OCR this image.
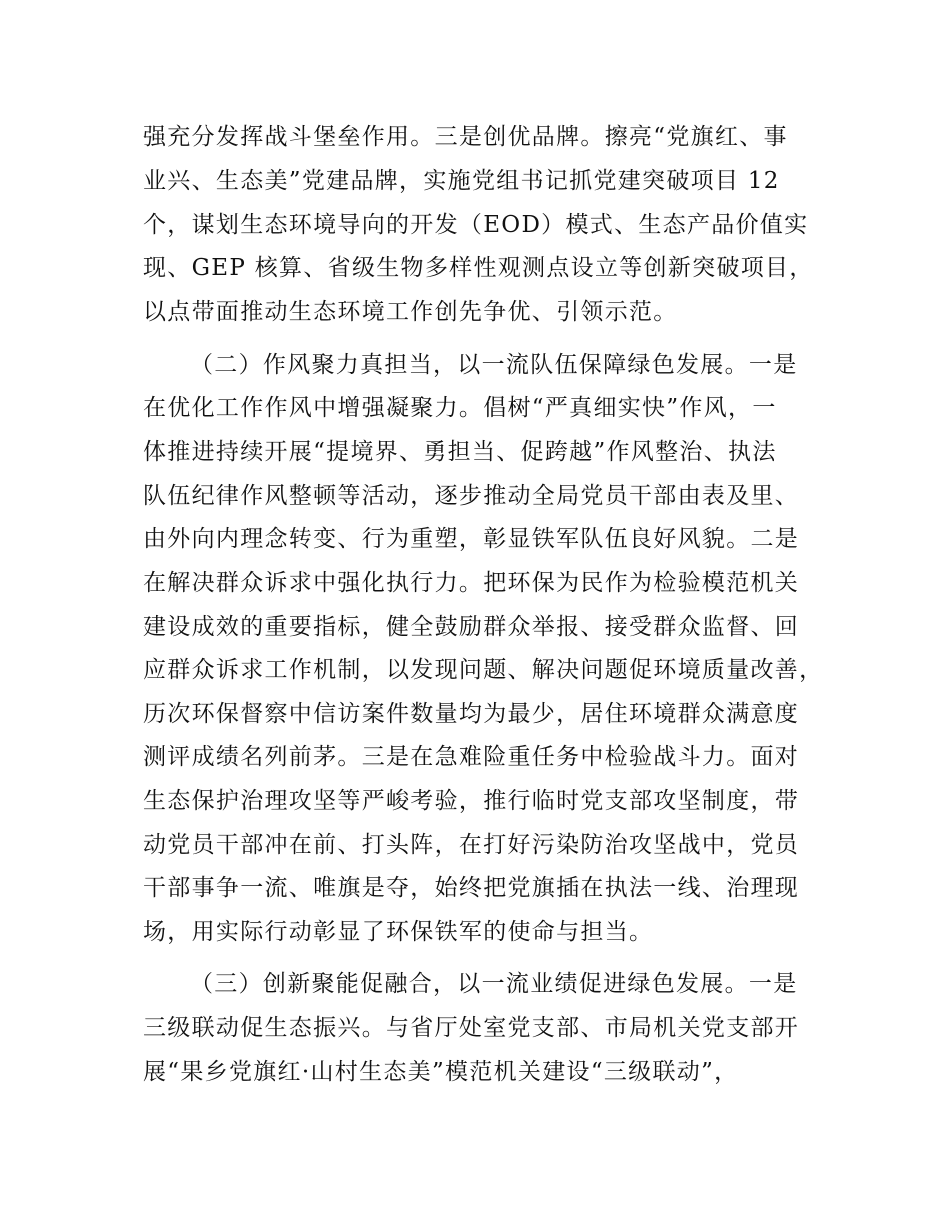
强充分发挥战斗堡垒作用。三是创优品牌。擦亮“党旗红、事
业兴、生态美”党建品牌，实施党组书记抓党建突破项目 12
个，谋划生态环境导向的开发（EOD）模式、生态产品价值实
现、GEP 核算、省级生物多样性观测点设立等创新突破项目，
以点带面推动生态环境工作创先争优、引领示范。
（二）作风聚力真担当，以一流队伍保障绿色发展。一是
在优化工作作风中增强凝聚力。倡树“严真细实快”作风，一
体推进持续开展“提境界、勇担当、促跨越”作风整治、执法
队伍纪律作风整顿等活动，逐步推动全局党员干部由表及里、
由外向内理念转变、行为重塑，彰显铁军队伍良好风貌。二是
在解决群众诉求中强化执行力。把环保为民作为检验模范机关
建设成效的重要指标，健全鼓励群众举报、接受群众监督、回
应群众诉求工作机制，以发现问题、解决问题促环境质量改善，
历次环保督察中信访案件数量均为最少，居住环境群众满意度
测评成绩名列前茅。三是在急难险重任务中检验战斗力。面对
生态保护治理攻坚等严峻考验，推行临时党支部攻坚制度，带
动党员干部冲在前、打头阵，在打好污染防治攻坚战中，党员
干部事争一流、唯旗是夺，始终把党旗插在执法一线、治理现
场，用实际行动彰显了环保铁军的使命与担当。
（三）创新聚能促融合，以一流业绩促进绿色发展。一是
三级联动促生态振兴。与省厅处室党支部、市局机关党支部开
展“果乡党旗红·山村生态美”模范机关建设“三级联动”，
